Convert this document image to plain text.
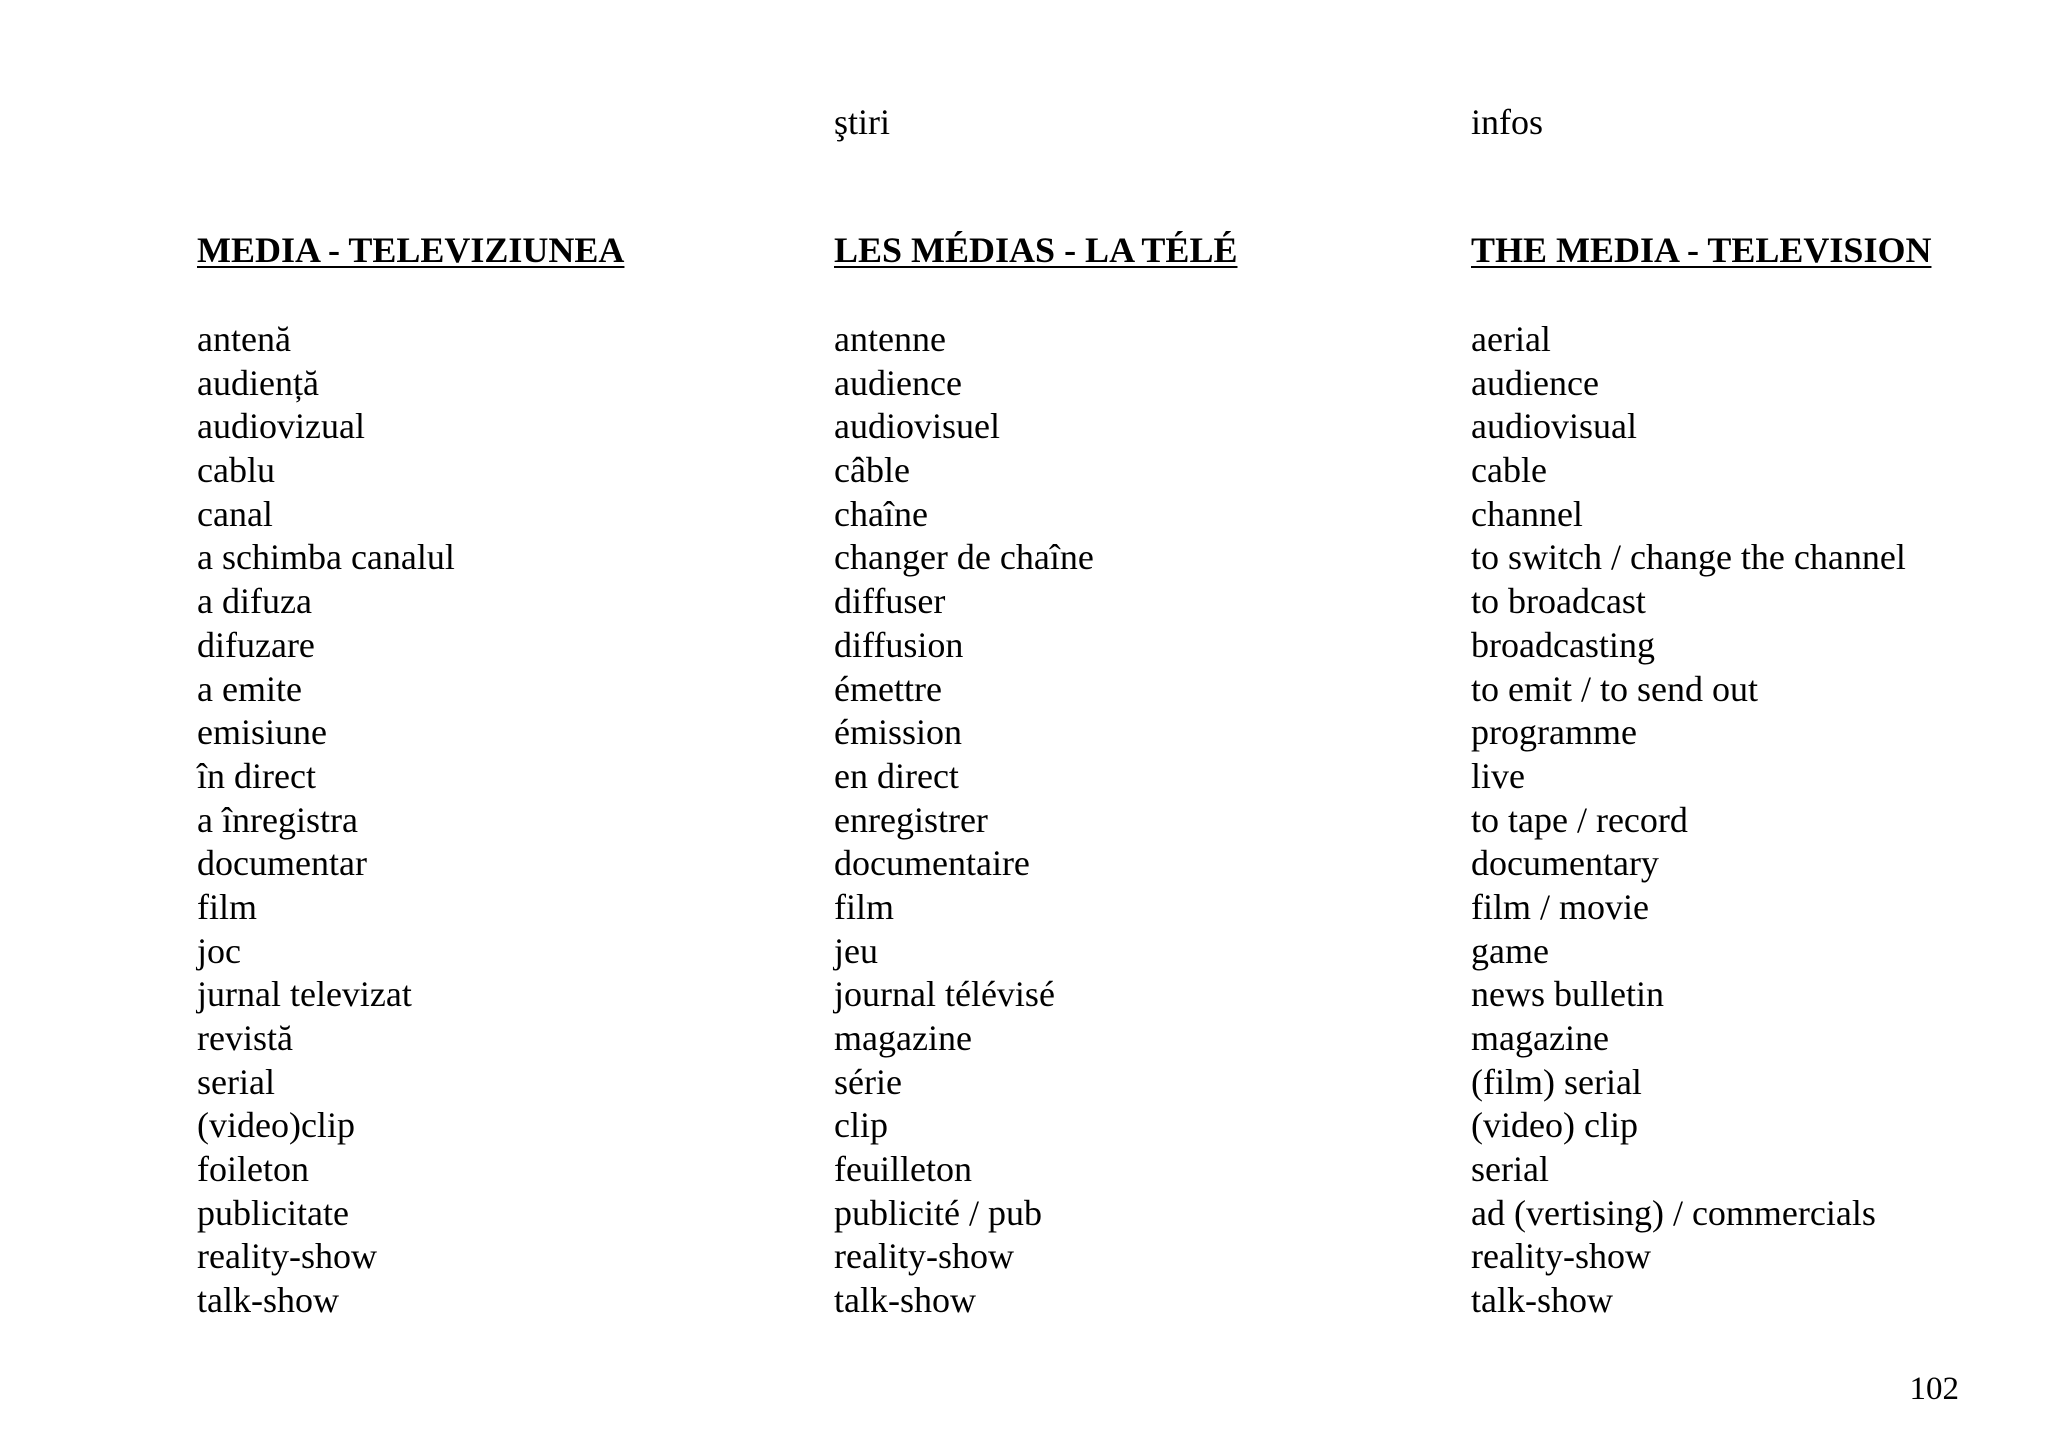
MEDIA - TELEVIZIUNEA
antenă
audiență
audiovizual
cablu
canal
a schimba canalul
a difuza
difuzare
a emite
emisiune
în direct
a înregistra
documentar
film
joc
jurnal televizat
revistă
serial
(video)clip
foileton
publicitate
reality-show
talk-show
ştiri
LES MÉDIAS - LA TÉLÉ
antenne
audience
audiovisuel
câble
chaîne
changer de chaîne
diffuser
diffusion
émettre
émission
en direct
enregistrer
documentaire
film
jeu
journal télévisé
magazine
série
clip
feuilleton
publicité / pub
reality-show
talk-show
infos
THE MEDIA - TELEVISION
aerial
audience
audiovisual
cable
channel
to switch / change the channel
to broadcast
broadcasting
to emit / to send out
programme
live
to tape / record
documentary
film / movie
game
news bulletin
magazine
(film) serial
(video) clip
serial
ad (vertising) / commercials
reality-show
talk-show
102
